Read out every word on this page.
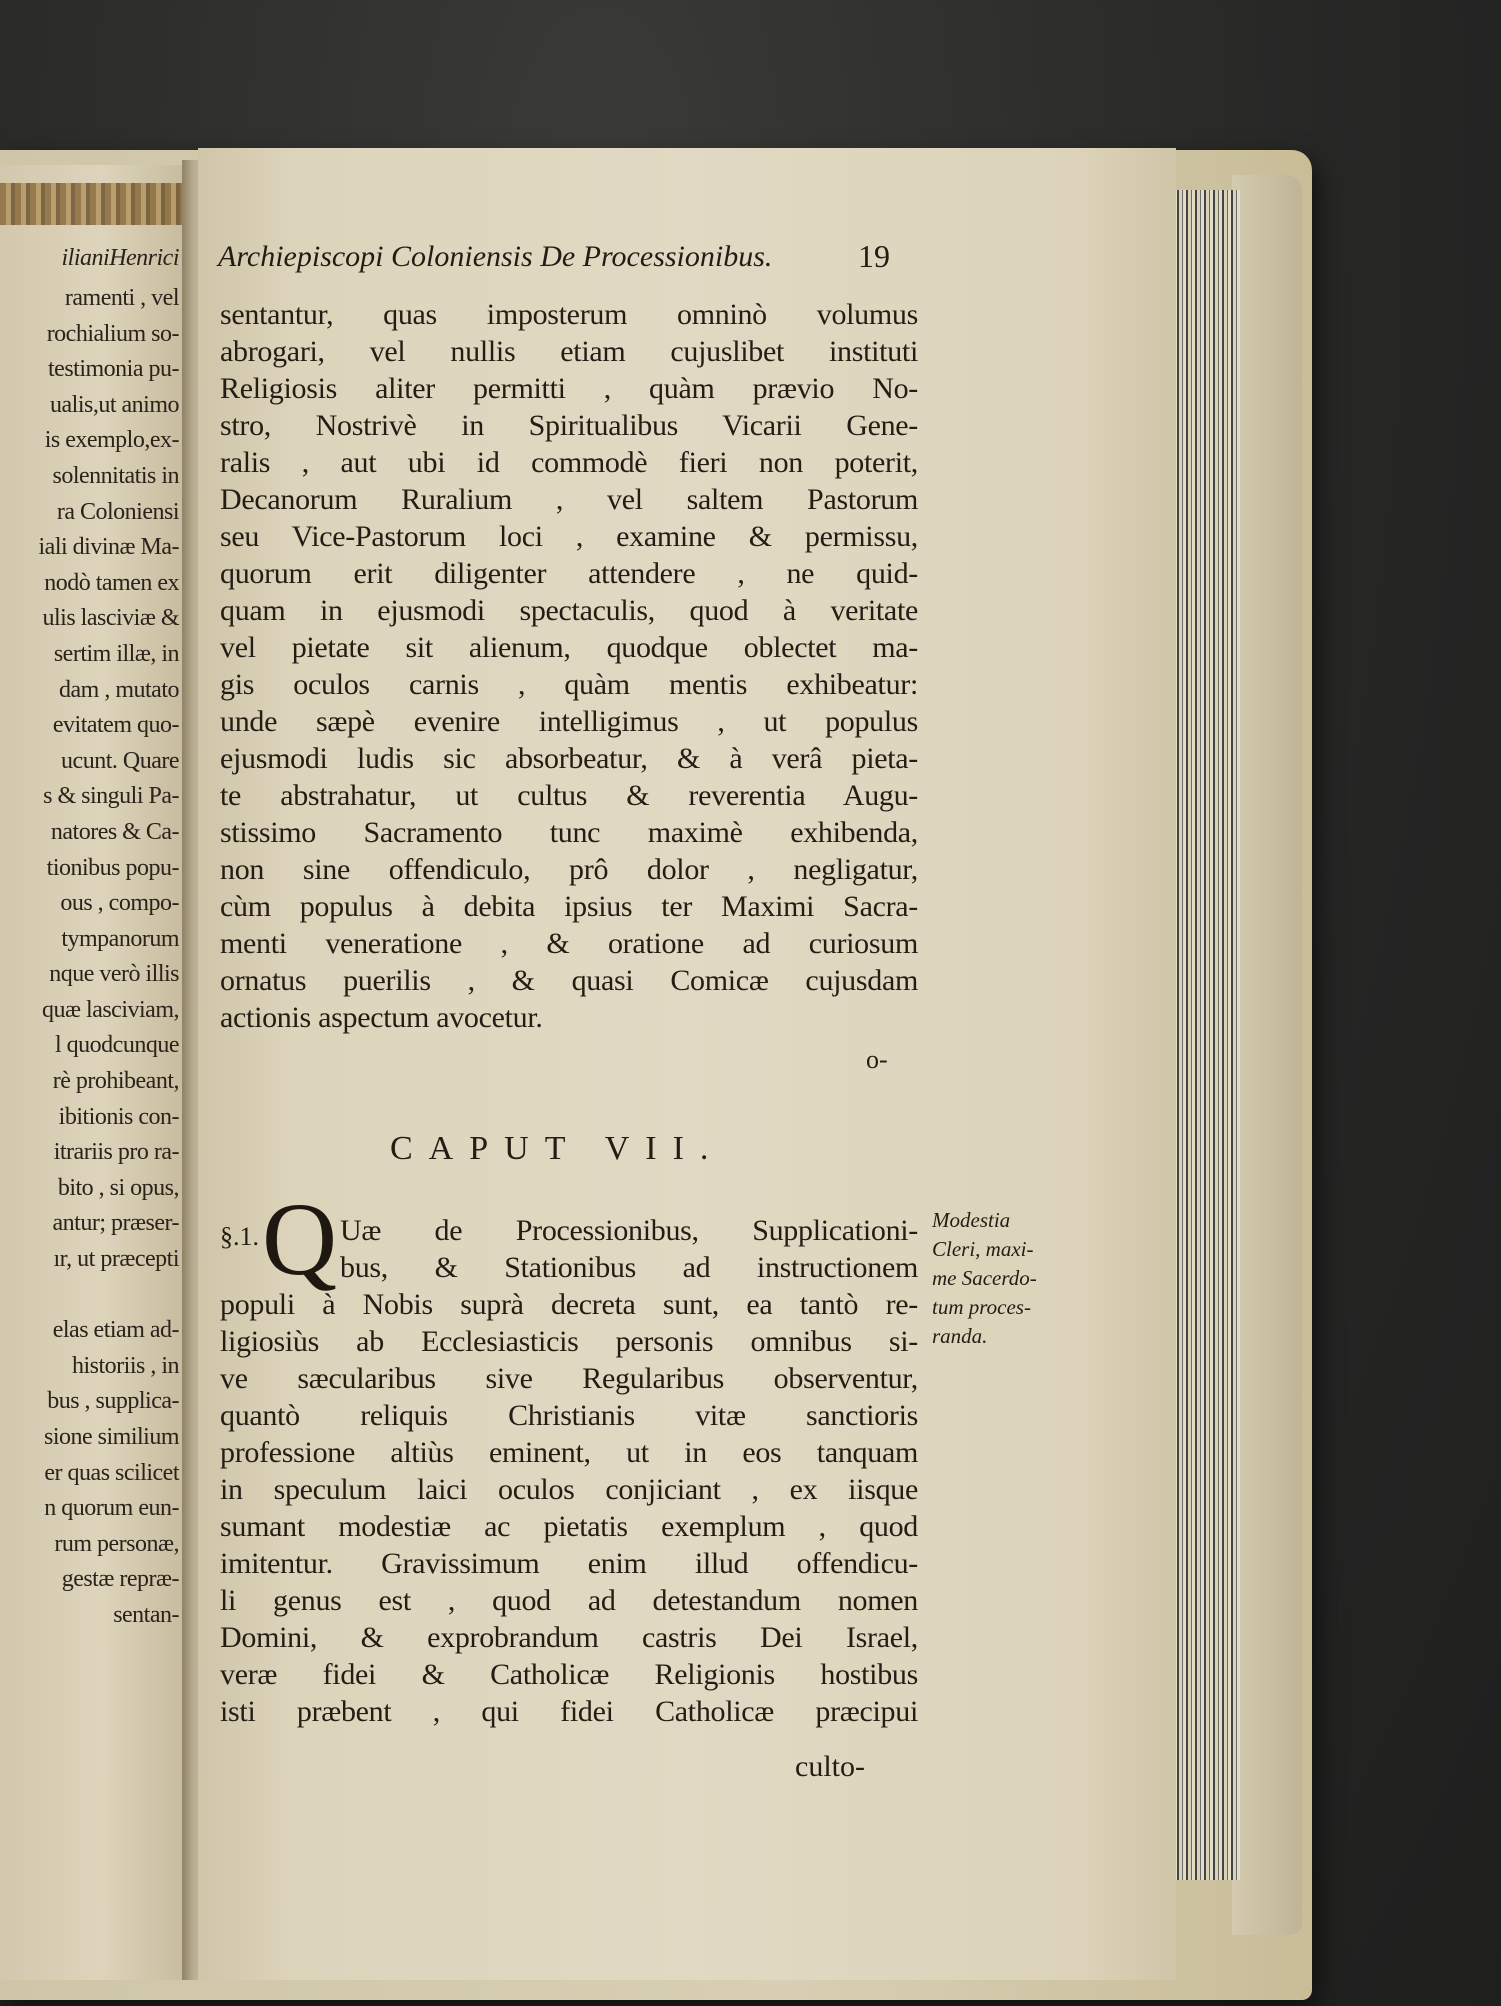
ilianiHenrici
ramenti , vel
rochialium so-
testimonia pu-
ualis,ut animo
is exemplo,ex-
solennitatis in
ra Coloniensi
iali divinæ Ma-
nodò tamen ex
ulis lasciviæ &
sertim illæ, in
dam , mutato
evitatem quo-
ucunt. Quare
s & singuli Pa-
natores & Ca-
tionibus popu-
ous , compo-
tympanorum
nque verò illis
quæ lasciviam,
l quodcunque
rè prohibeant,
ibitionis con-
itrariis pro ra-
bito , si opus,
antur; præser-
ır, ut præcepti
elas etiam ad-
historiis , in
bus , supplica-
sione similium
er quas scilicet
n quorum eun-
rum personæ,
gestæ repræ-
sentan-
Archiepiscopi Coloniensis De Processionibus.	19
sentantur, quas imposterum omninò volumus
abrogari, vel nullis etiam cujuslibet instituti
Religiosis aliter permitti , quàm prævio No-
stro, Nostrivè in Spiritualibus Vicarii Gene-
ralis , aut ubi id commodè fieri non poterit,
Decanorum Ruralium , vel saltem Pastorum
seu Vice-Pastorum loci , examine & permissu,
quorum erit diligenter attendere , ne quid-
quam in ejusmodi spectaculis, quod à veritate
vel pietate sit alienum, quodque oblectet ma-
gis oculos carnis , quàm mentis exhibeatur:
unde sæpè evenire intelligimus , ut populus
ejusmodi ludis sic absorbeatur, & à verâ pieta-
te abstrahatur, ut cultus & reverentia Augu-
stissimo Sacramento tunc maximè exhibenda,
non sine offendiculo, prô dolor , negligatur,
cùm populus à debita ipsius ter Maximi Sacra-
menti veneratione , & oratione ad curiosum
ornatus puerilis , & quasi Comicæ cujusdam
actionis aspectum avocetur.
o-
CAPUT VII.
§.1. Q Uæ de Processionibus, Supplicationi-
bus, & Stationibus ad instructionem
populi à Nobis suprà decreta sunt, ea tantò re-
ligiosiùs ab Ecclesiasticis personis omnibus si-
ve sæcularibus sive Regularibus observentur,
quantò reliquis Christianis vitæ sanctioris
professione altiùs eminent, ut in eos tanquam
in speculum laici oculos conjiciant , ex iisque
sumant modestiæ ac pietatis exemplum , quod
imitentur. Gravissimum enim illud offendicu-
li genus est , quod ad detestandum nomen
Domini, & exprobrandum castris Dei Israel,
veræ fidei & Catholicæ Religionis hostibus
isti præbent , qui fidei Catholicæ præcipui
Modestia
Cleri, maxi-
me Sacerdo-
tum proces-
randa.
culto-
